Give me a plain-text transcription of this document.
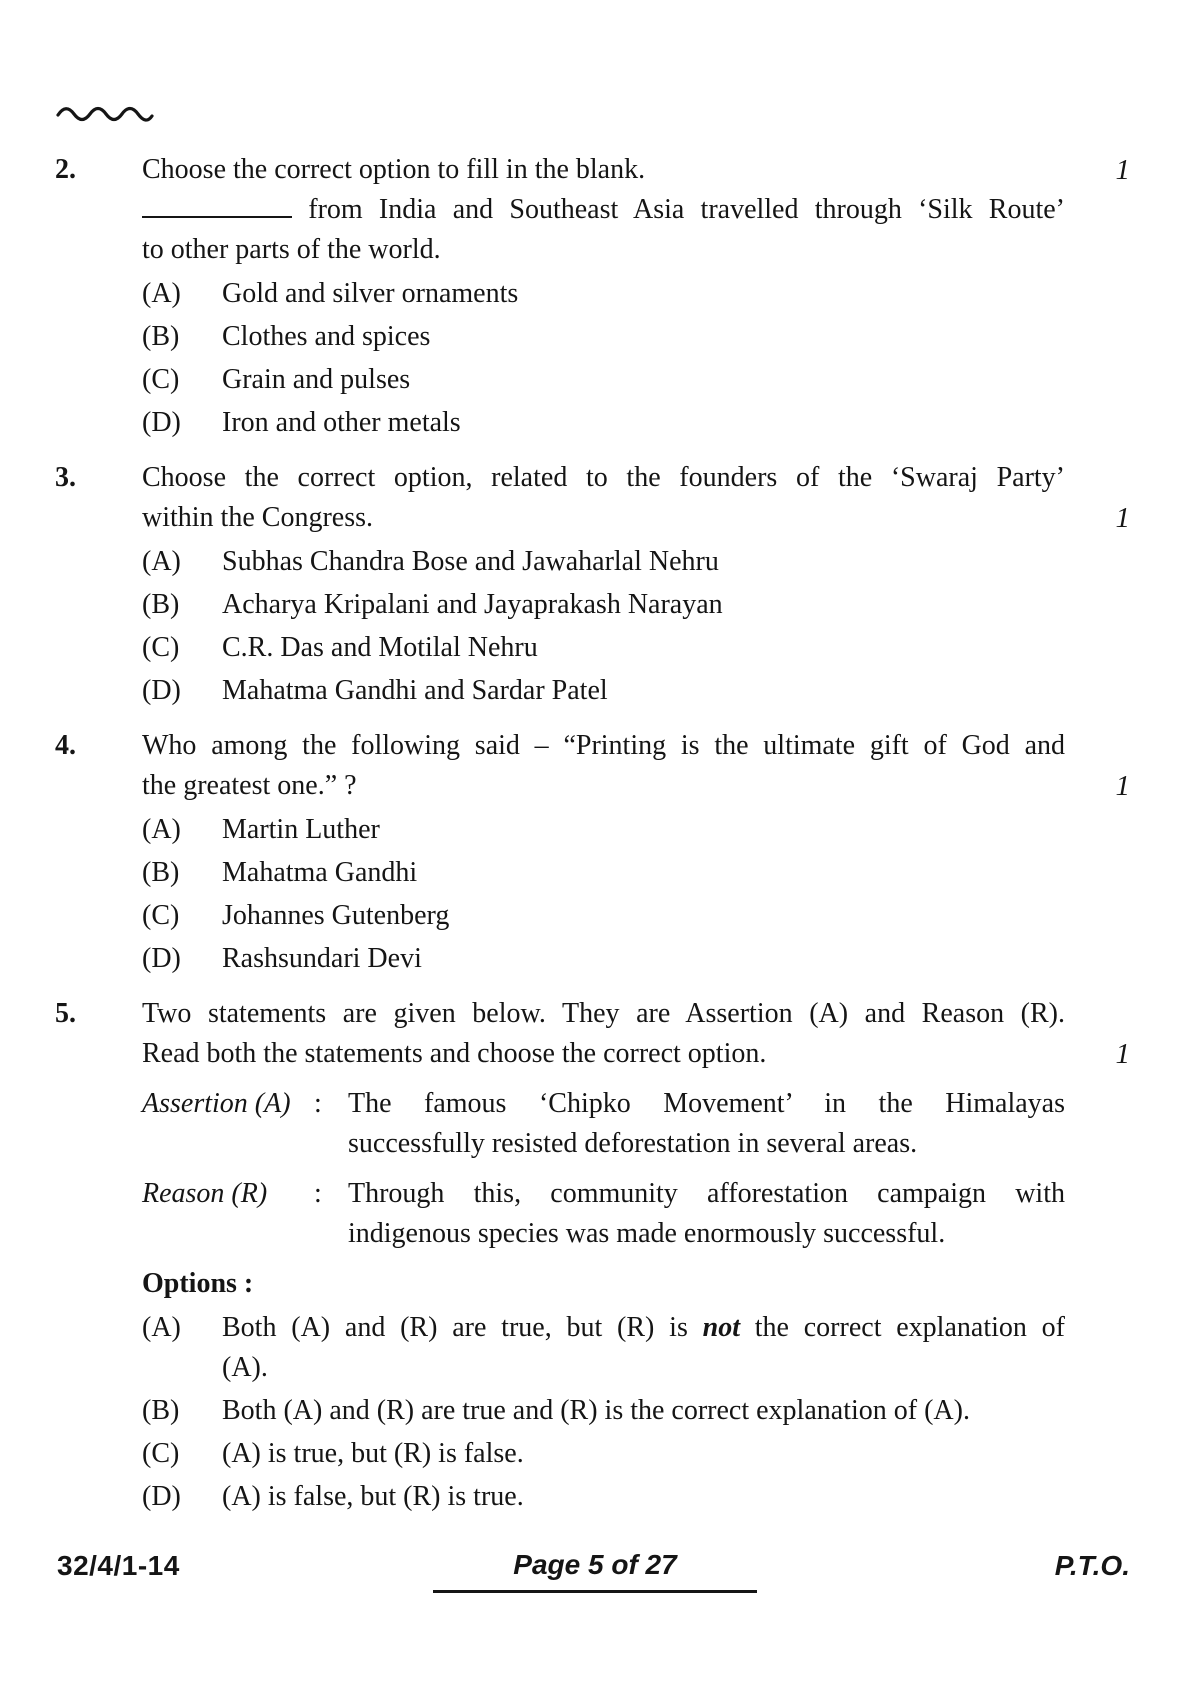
2.	Choose the correct option to fill in the blank.
from India and Southeast Asia travelled through ‘Silk Route’
to other parts of the world.
(A)	Gold and silver ornaments
(B)	Clothes and spices
(C)	Grain and pulses
(D)	Iron and other metals
1
3.	Choose the correct option, related to the founders of the ‘Swaraj Party’
within the Congress.
(A)	Subhas Chandra Bose and Jawaharlal Nehru
(B)	Acharya Kripalani and Jayaprakash Narayan
(C)	C.R. Das and Motilal Nehru
(D)	Mahatma Gandhi and Sardar Patel
1
4.	Who among the following said – “Printing is the ultimate gift of God and
the greatest one.” ?
(A)	Martin Luther
(B)	Mahatma Gandhi
(C)	Johannes Gutenberg
(D)	Rashsundari Devi
1
5.	Two statements are given below. They are Assertion (A) and Reason (R).
Read both the statements and choose the correct option.
Assertion (A) : The famous ‘Chipko Movement’ in the Himalayas
successfully resisted deforestation in several areas.
Reason (R)	: Through this, community afforestation campaign with
indigenous species was made enormously successful.
Options :
(A)	Both (A) and (R) are true, but (R) is not the correct explanation of
(A).
(B)	Both (A) and (R) are true and (R) is the correct explanation of (A).
(C)	(A) is true, but (R) is false.
(D)	(A) is false, but (R) is true.
1
32/4/1-14	Page 5 of 27	P.T.O.
